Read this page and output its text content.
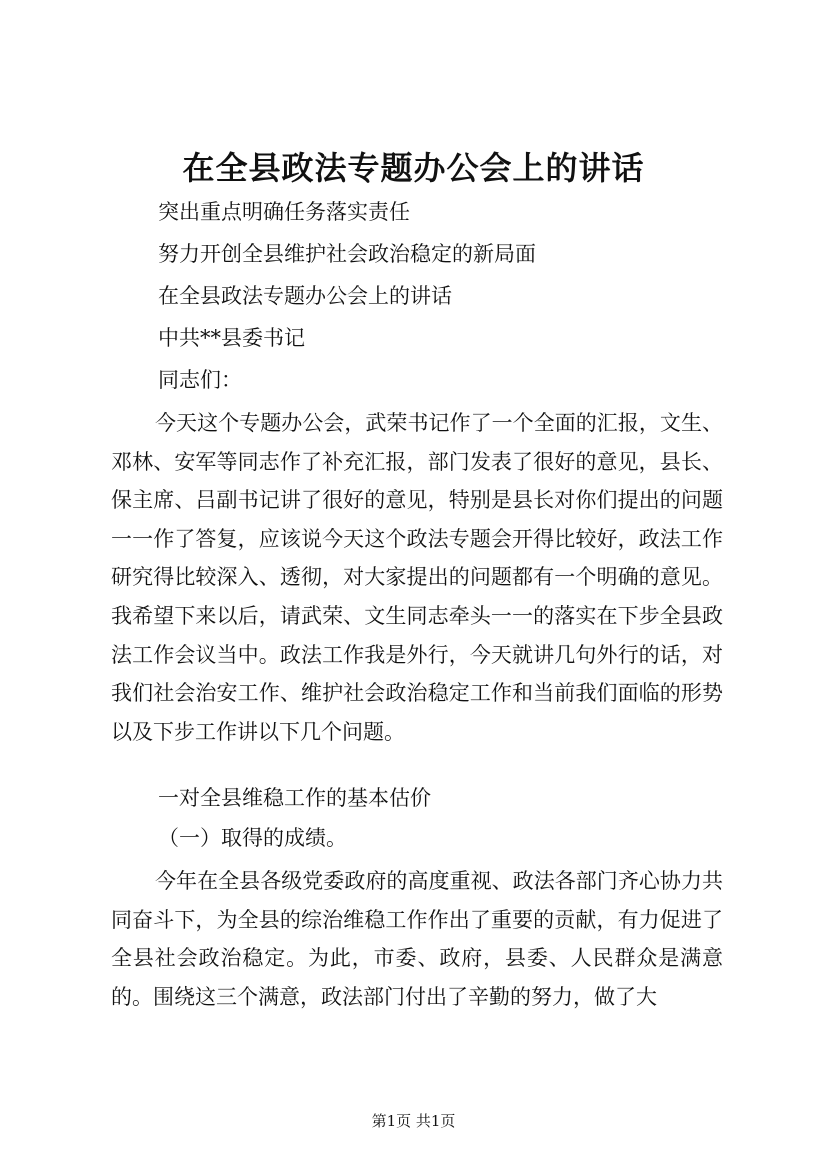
在全县政法专题办公会上的讲话
突出重点明确任务落实责任
努力开创全县维护社会政治稳定的新局面
在全县政法专题办公会上的讲话
中共**县委书记
同志们：
今天这个专题办公会，武荣书记作了一个全面的汇报，文生、邓林、安军等同志作了补充汇报，部门发表了很好的意见，县长、保主席、吕副书记讲了很好的意见，特别是县长对你们提出的问题一一作了答复，应该说今天这个政法专题会开得比较好，政法工作研究得比较深入、透彻，对大家提出的问题都有一个明确的意见。我希望下来以后，请武荣、文生同志牵头一一的落实在下步全县政法工作会议当中。政法工作我是外行，今天就讲几句外行的话，对我们社会治安工作、维护社会政治稳定工作和当前我们面临的形势以及下步工作讲以下几个问题。
一对全县维稳工作的基本估价
（一）取得的成绩。
今年在全县各级党委政府的高度重视、政法各部门齐心协力共同奋斗下，为全县的综治维稳工作作出了重要的贡献，有力促进了全县社会政治稳定。为此，市委、政府，县委、人民群众是满意的。围绕这三个满意，政法部门付出了辛勤的努力，做了大
第1页 共1页
